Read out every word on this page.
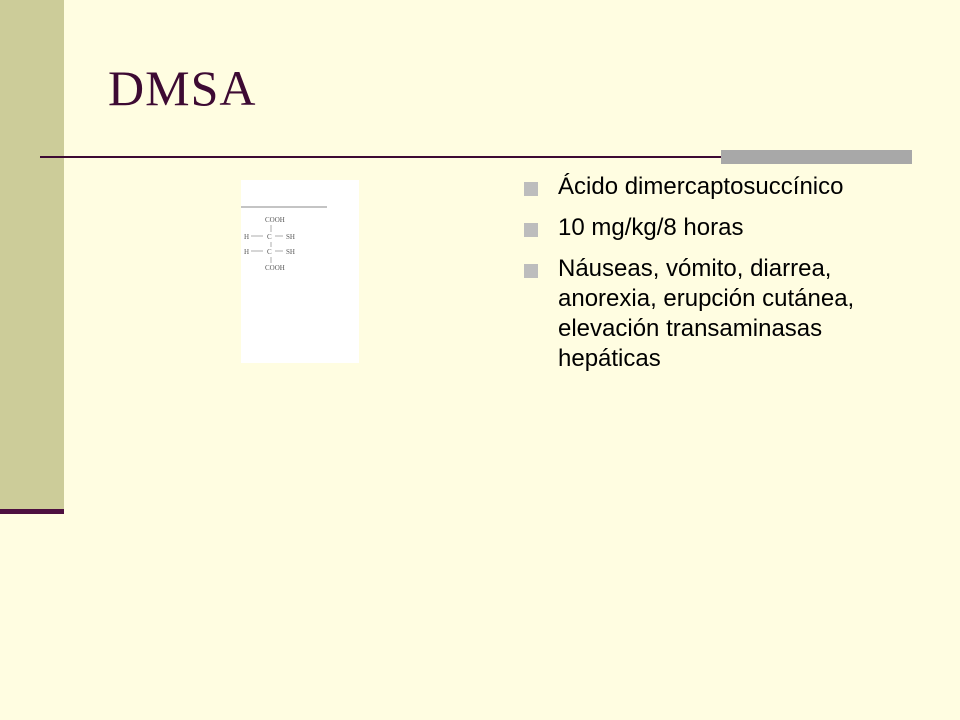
DMSA
COOH
H	C SH
H	C SH
COOH
Ácido dimercaptosuccínico
10 mg/kg/8 horas
Náuseas, vómito, diarrea, anorexia, erupción cutánea, elevación transaminasas hepáticas
